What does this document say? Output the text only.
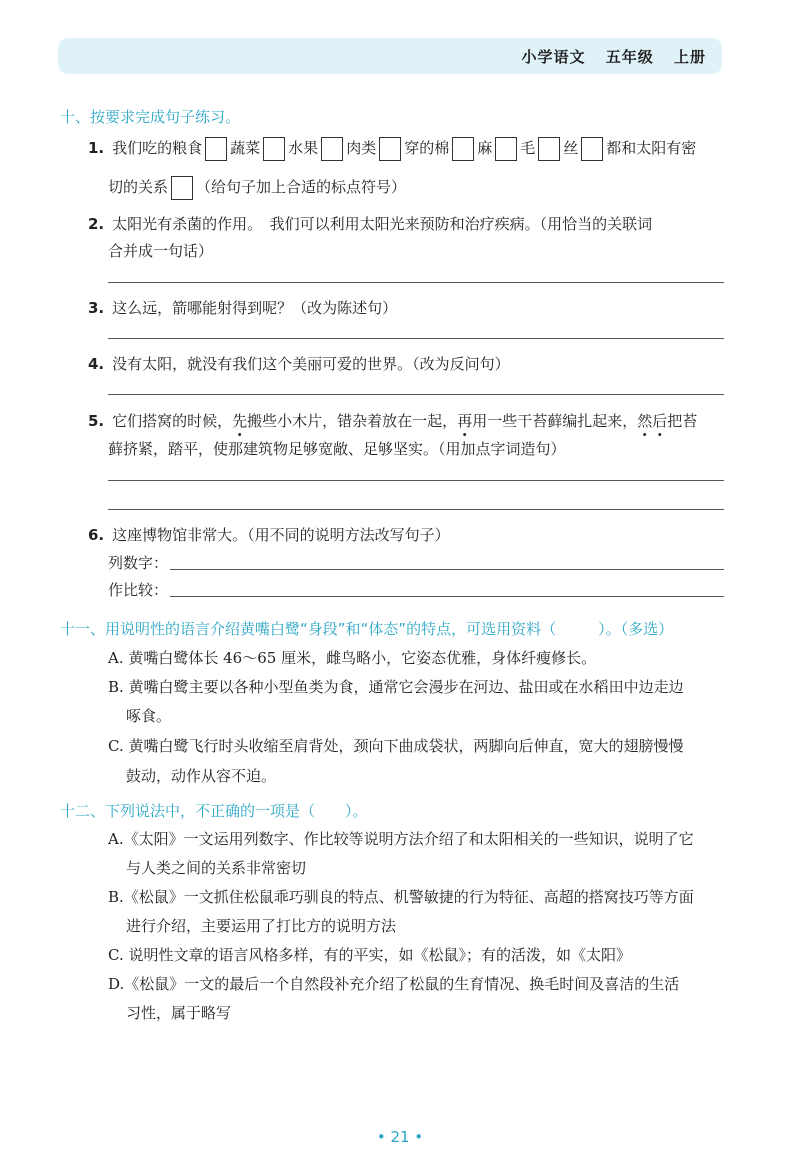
小学语文 五年级 上册
十、按要求完成句子练习。
1. 我们吃的粮食 蔬菜 水果 肉类 穿的棉 麻 毛 丝 都和太阳有密
切的关系 （给句子加上合适的标点符号）
2. 太阳光有杀菌的作用。　我们可以利用太阳光来预防和治疗疾病。（用恰当的关联词
合并成一句话）
3. 这么远，箭哪能射得到呢？（改为陈述句）
4. 没有太阳，就没有我们这个美丽可爱的世界。（改为反问句）
5. 它们搭窝的时候，先搬些小木片，错杂着放在一起，再用一些干苔藓编扎起来，然后把苔
藓挤紧，踏平，使那建筑物足够宽敞、足够坚实。（用加点字词造句）
6. 这座博物馆非常大。（用不同的说明方法改写句子）
列数字：
作比较：
十一、用说明性的语言介绍黄嘴白鹭“身段”和“体态”的特点，可选用资料（	）。（多选）
A. 黄嘴白鹭体长 46～65 厘米，雌鸟略小，它姿态优雅，身体纤瘦修长。
B. 黄嘴白鹭主要以各种小型鱼类为食，通常它会漫步在河边、盐田或在水稻田中边走边
啄食。
C. 黄嘴白鹭飞行时头收缩至肩背处，颈向下曲成袋状，两脚向后伸直，宽大的翅膀慢慢
鼓动，动作从容不迫。
十二、下列说法中，不正确的一项是（ ）。
A.《太阳》一文运用列数字、作比较等说明方法介绍了和太阳相关的一些知识，说明了它
与人类之间的关系非常密切
B.《松鼠》一文抓住松鼠乖巧驯良的特点、机警敏捷的行为特征、高超的搭窝技巧等方面
进行介绍，主要运用了打比方的说明方法
C. 说明性文章的语言风格多样，有的平实，如《松鼠》；有的活泼，如《太阳》
D.《松鼠》一文的最后一个自然段补充介绍了松鼠的生育情况、换毛时间及喜洁的生活
习性，属于略写
• 21 •
